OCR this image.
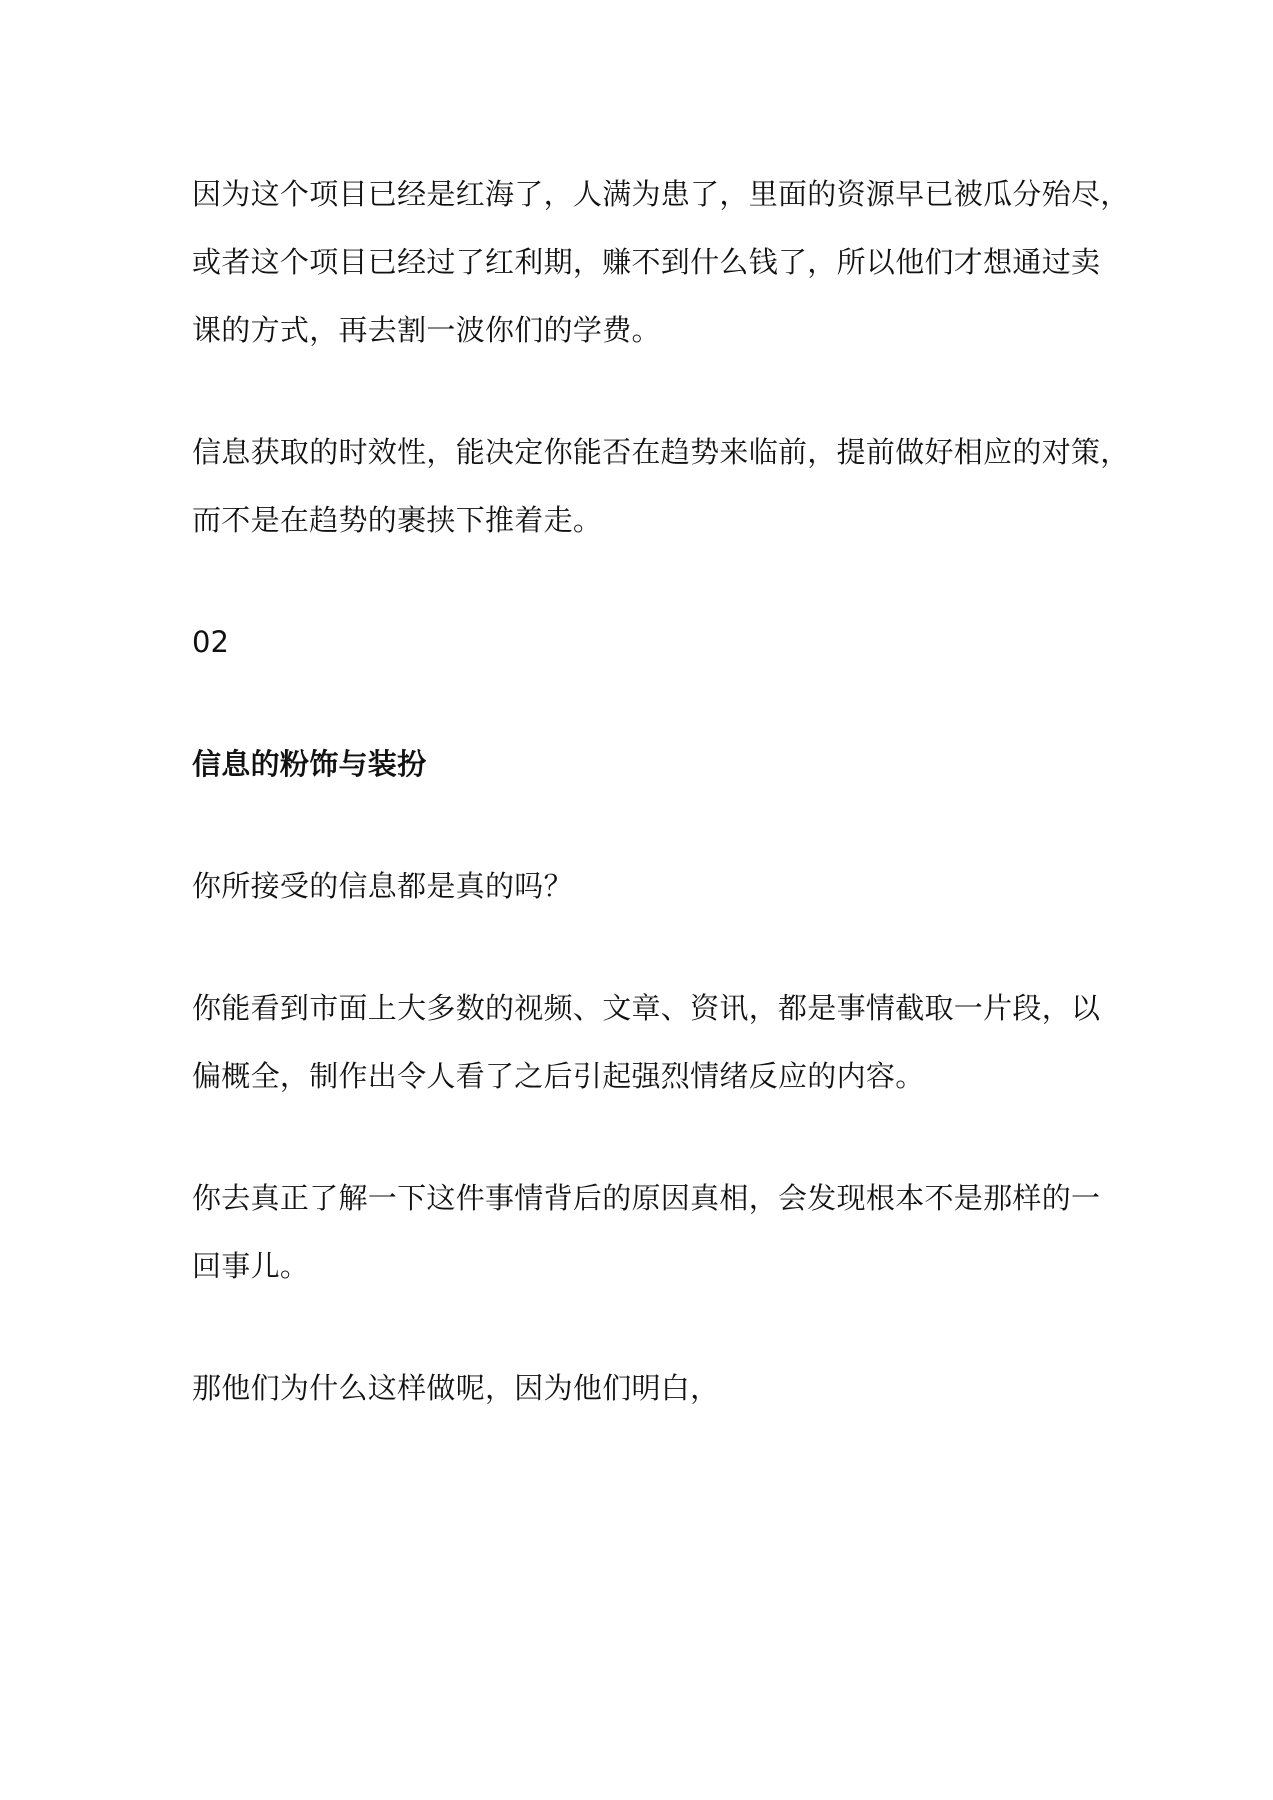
因为这个项目已经是红海了，人满为患了，里面的资源早已被瓜分殆尽，
或者这个项目已经过了红利期，赚不到什么钱了，所以他们才想通过卖
课的方式，再去割一波你们的学费。

信息获取的时效性，能决定你能否在趋势来临前，提前做好相应的对策，
而不是在趋势的裹挟下推着走。

02

信息的粉饰与装扮

你所接受的信息都是真的吗？

你能看到市面上大多数的视频、文章、资讯，都是事情截取一片段，以
偏概全，制作出令人看了之后引起强烈情绪反应的内容。

你去真正了解一下这件事情背后的原因真相，会发现根本不是那样的一
回事儿。

那他们为什么这样做呢，因为他们明白，
